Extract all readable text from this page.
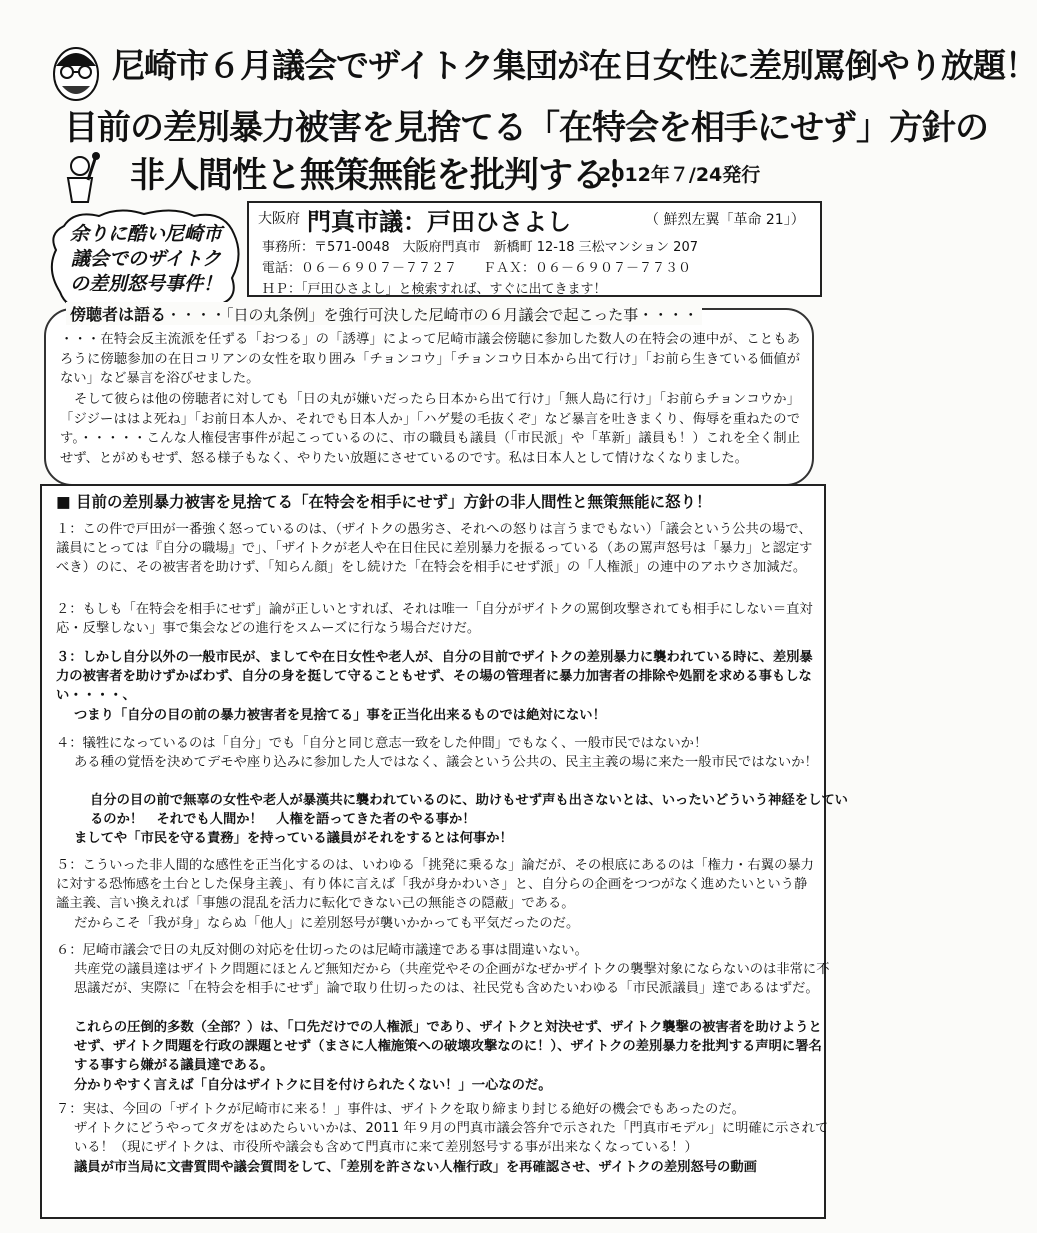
尼崎市６月議会でザイトク集団が在日女性に差別罵倒やり放題！
目前の差別暴力被害を見捨てる「在特会を相手にせず」方針の
非人間性と無策無能を批判する！
2012年７/24発行
余りに酷い尼崎市
議会でのザイトク
の差別怒号事件！
大阪府 門真市議：戸田ひさよし	（ 鮮烈左翼「革命 21」）
事務所：〒571-0048　大阪府門真市　新橋町 12-18 三松マンション 207
電話：０６－６９０７－７７２７　　ＦＡＸ：０６－６９０７－７７３０
ＨＰ：「戸田ひさよし」と検索すれば、すぐに出てきます！
傍聴者は語る・・・・「日の丸条例」を強行可決した尼崎市の６月議会で起こった事・・・・
・・・在特会反主流派を任ずる「おつる」の「誘導」によって尼崎市議会傍聴に参加した数人の在特会の連中が、こともあろうに傍聴参加の在日コリアンの女性を取り囲み「チョンコウ」「チョンコウ日本から出て行け」「お前ら生きている価値がない」など暴言を浴びせました。
そして彼らは他の傍聴者に対しても「日の丸が嫌いだったら日本から出て行け」「無人島に行け」「お前らチョンコウか」「ジジーははよ死ね」「お前日本人か、それでも日本人か」「ハゲ髪の毛抜くぞ」など暴言を吐きまくり、侮辱を重ねたのです。・・・・・こんな人権侵害事件が起こっているのに、市の職員も議員（「市民派」や「革新」議員も！）これを全く制止せず、とがめもせず、怒る様子もなく、やりたい放題にさせているのです。私は日本人として情けなくなりました。
■ 目前の差別暴力被害を見捨てる「在特会を相手にせず」方針の非人間性と無策無能に怒り！
１：この件で戸田が一番強く怒っているのは、（ザイトクの愚劣さ、それへの怒りは言うまでもない）「議会という公共の場で、議員にとっては『自分の職場』で」、「ザイトクが老人や在日住民に差別暴力を振るっている（あの罵声怒号は「暴力」と認定すべき）のに、その被害者を助けず、「知らん顔」をし続けた「在特会を相手にせず派」の「人権派」の連中のアホウさ加減だ。
２：もしも「在特会を相手にせず」論が正しいとすれば、それは唯一「自分がザイトクの罵倒攻撃されても相手にしない＝直対応・反撃しない」事で集会などの進行をスムーズに行なう場合だけだ。
３：しかし自分以外の一般市民が、ましてや在日女性や老人が、自分の目前でザイトクの差別暴力に襲われている時に、差別暴力の被害者を助けずかばわず、自分の身を挺して守ることもせず、その場の管理者に暴力加害者の排除や処罰を求める事もしない・・・・、
つまり「自分の目の前の暴力被害者を見捨てる」事を正当化出来るものでは絶対にない！
４：犠牲になっているのは「自分」でも「自分と同じ意志一致をした仲間」でもなく、一般市民ではないか！
ある種の覚悟を決めてデモや座り込みに参加した人ではなく、議会という公共の、民主主義の場に来た一般市民ではないか！
自分の目の前で無辜の女性や老人が暴漢共に襲われているのに、助けもせず声も出さないとは、いったいどういう神経をしているのか！　それでも人間か！　人権を語ってきた者のやる事か！
ましてや「市民を守る責務」を持っている議員がそれをするとは何事か！
５：こういった非人間的な感性を正当化するのは、いわゆる「挑発に乗るな」論だが、その根底にあるのは「権力・右翼の暴力に対する恐怖感を土台とした保身主義」、有り体に言えば「我が身かわいさ」と、自分らの企画をつつがなく進めたいという静謐主義、言い換えれば「事態の混乱を活力に転化できない己の無能さの隠蔽」である。
だからこそ「我が身」ならぬ「他人」に差別怒号が襲いかかっても平気だったのだ。
６：尼崎市議会で日の丸反対側の対応を仕切ったのは尼崎市議達である事は間違いない。
共産党の議員達はザイトク問題にほとんど無知だから（共産党やその企画がなぜかザイトクの襲撃対象にならないのは非常に不思議だが、実際に「在特会を相手にせず」論で取り仕切ったのは、社民党も含めたいわゆる「市民派議員」達であるはずだ。
これらの圧倒的多数（全部？）は、「口先だけでの人権派」であり、ザイトクと対決せず、ザイトク襲撃の被害者を助けようとせず、ザイトク問題を行政の課題とせず（まさに人権施策への破壊攻撃なのに！）、ザイトクの差別暴力を批判する声明に署名する事すら嫌がる議員達である。
分かりやすく言えば「自分はザイトクに目を付けられたくない！」一心なのだ。
７：実は、今回の「ザイトクが尼崎市に来る！」事件は、ザイトクを取り締まり封じる絶好の機会でもあったのだ。
ザイトクにどうやってタガをはめたらいいかは、2011 年９月の門真市議会答弁で示された「門真市モデル」に明確に示されている！（現にザイトクは、市役所や議会も含めて門真市に来て差別怒号する事が出来なくなっている！）
議員が市当局に文書質問や議会質問をして、「差別を許さない人権行政」を再確認させ、ザイトクの差別怒号の動画
